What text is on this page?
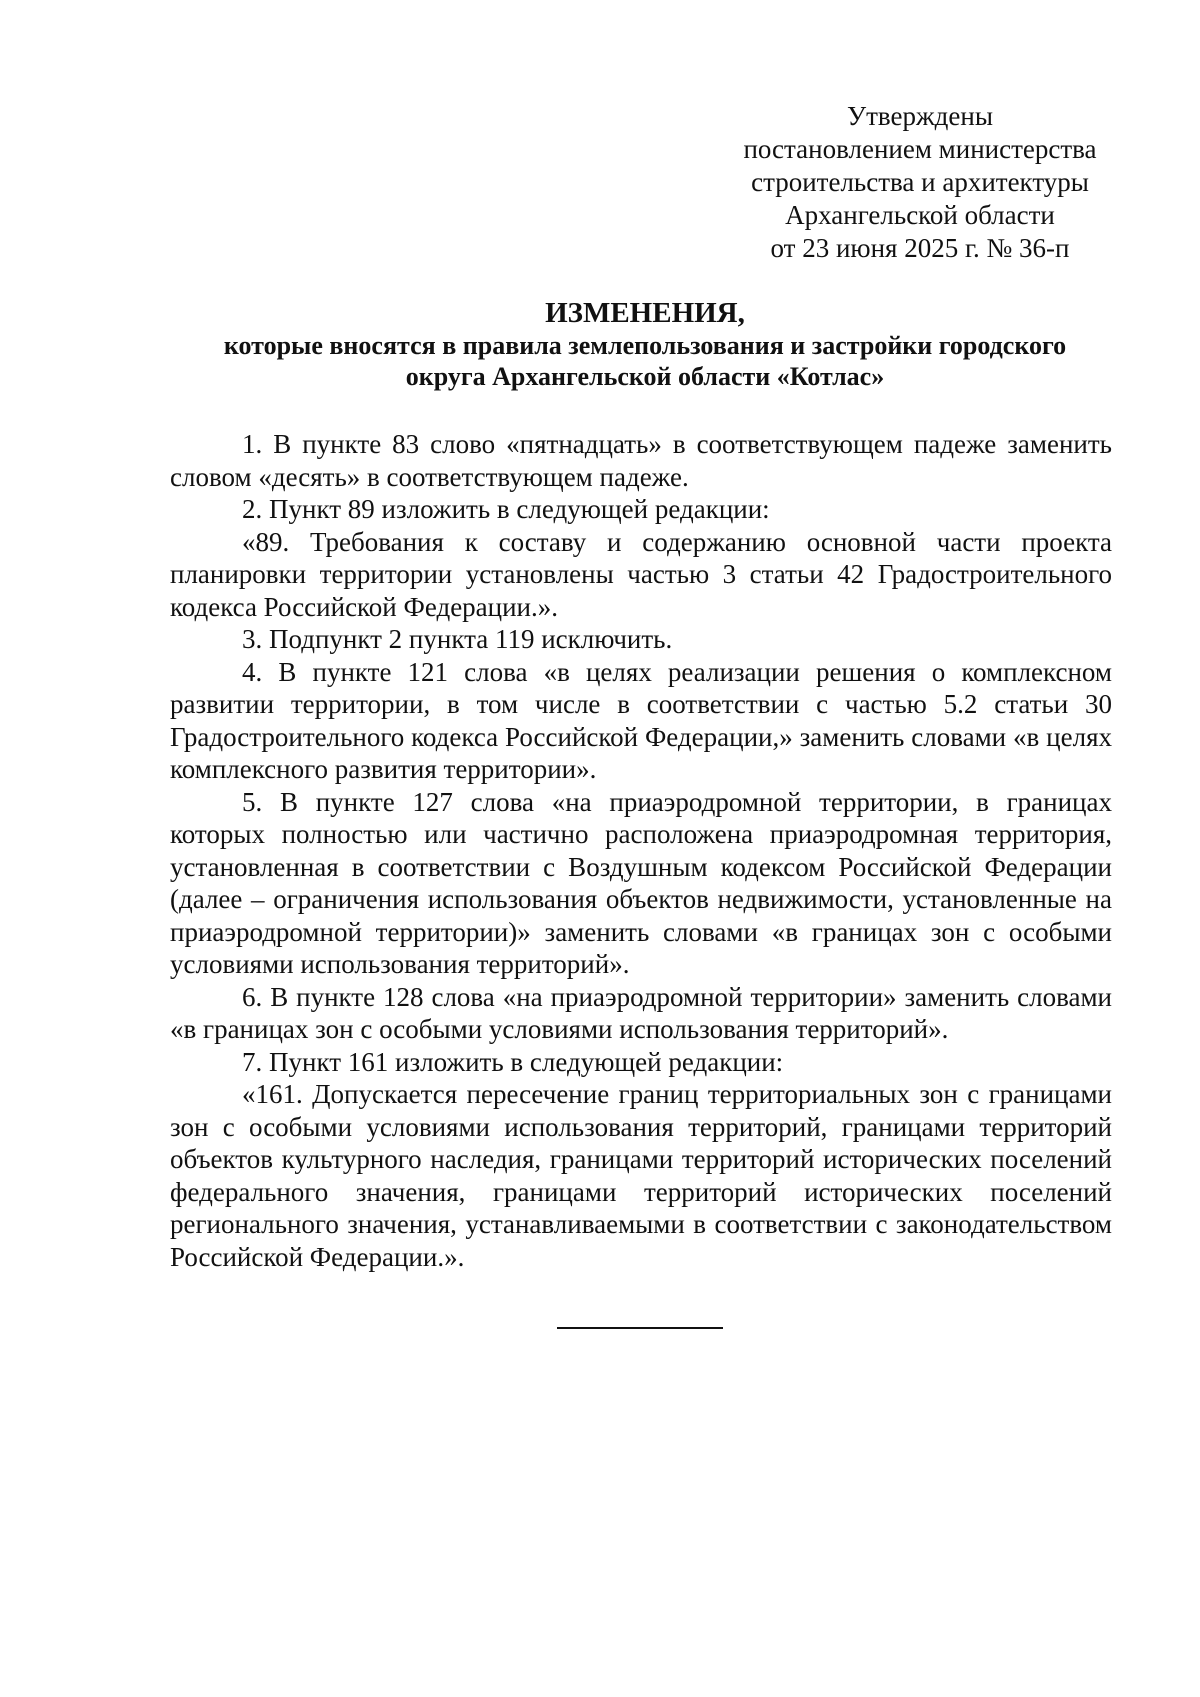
Утверждены
постановлением министерства
строительства и архитектуры
Архангельской области
от 23 июня 2025 г. № 36-п
ИЗМЕНЕНИЯ,
которые вносятся в правила землепользования и застройки городского
округа Архангельской области «Котлас»

1. В пункте 83 слово «пятнадцать» в соответствующем падеже заменить словом «десять» в соответствующем падеже.

2. Пункт 89 изложить в следующей редакции:

«89. Требования к составу и содержанию основной части проекта планировки территории установлены частью 3 статьи 42 Градостроительного кодекса Российской Федерации.».

3. Подпункт 2 пункта 119 исключить.

4. В пункте 121 слова «в целях реализации решения о комплексном развитии территории, в том числе в соответствии с частью 5.2 статьи 30 Градостроительного кодекса Российской Федерации,» заменить словами «в целях комплексного развития территории».

5. В пункте 127 слова «на приаэродромной территории, в границах которых полностью или частично расположена приаэродромная территория, установленная в соответствии с Воздушным кодексом Российской Федерации (далее – ограничения использования объектов недвижимости, установленные на приаэродромной территории)» заменить словами «в границах зон с особыми условиями использования территорий».

6. В пункте 128 слова «на приаэродромной территории» заменить словами «в границах зон с особыми условиями использования территорий».

7. Пункт 161 изложить в следующей редакции:

«161. Допускается пересечение границ территориальных зон с границами зон с особыми условиями использования территорий, границами территорий объектов культурного наследия, границами территорий исторических поселений федерального значения, границами территорий исторических поселений регионального значения, устанавливаемыми в соответствии с законодательством Российской Федерации.».
